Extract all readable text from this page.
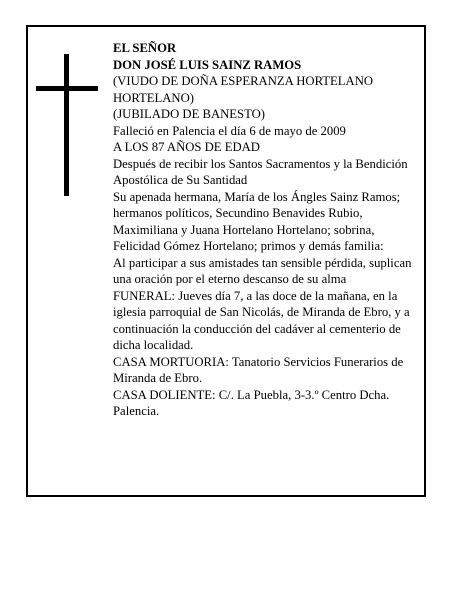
EL SEÑOR

DON JOSÉ LUIS SAINZ RAMOS

(VIUDO DE DOÑA ESPERANZA HORTELANO HORTELANO)

(JUBILADO DE BANESTO)

Falleció en Palencia el día 6 de mayo de 2009

A LOS 87 AÑOS DE EDAD

Después de recibir los Santos Sacramentos y la Bendición Apostólica de Su Santidad

Su apenada hermana, María de los Ángles Sainz Ramos; hermanos políticos, Secundino Benavides Rubio, Maximiliana y Juana Hortelano Hortelano; sobrina, Felicidad Gómez Hortelano; primos y demás familia:

Al participar a sus amistades tan sensible pérdida, suplican una oración por el eterno descanso de su alma

FUNERAL: Jueves día 7, a las doce de la mañana, en la iglesia parroquial de San Nicolás, de Miranda de Ebro, y a continuación la conducción del cadáver al cementerio de dicha localidad.

CASA MORTUORIA: Tanatorio Servicios Funerarios de Miranda de Ebro.

CASA DOLIENTE: C/. La Puebla, 3-3.º Centro Dcha. Palencia.
